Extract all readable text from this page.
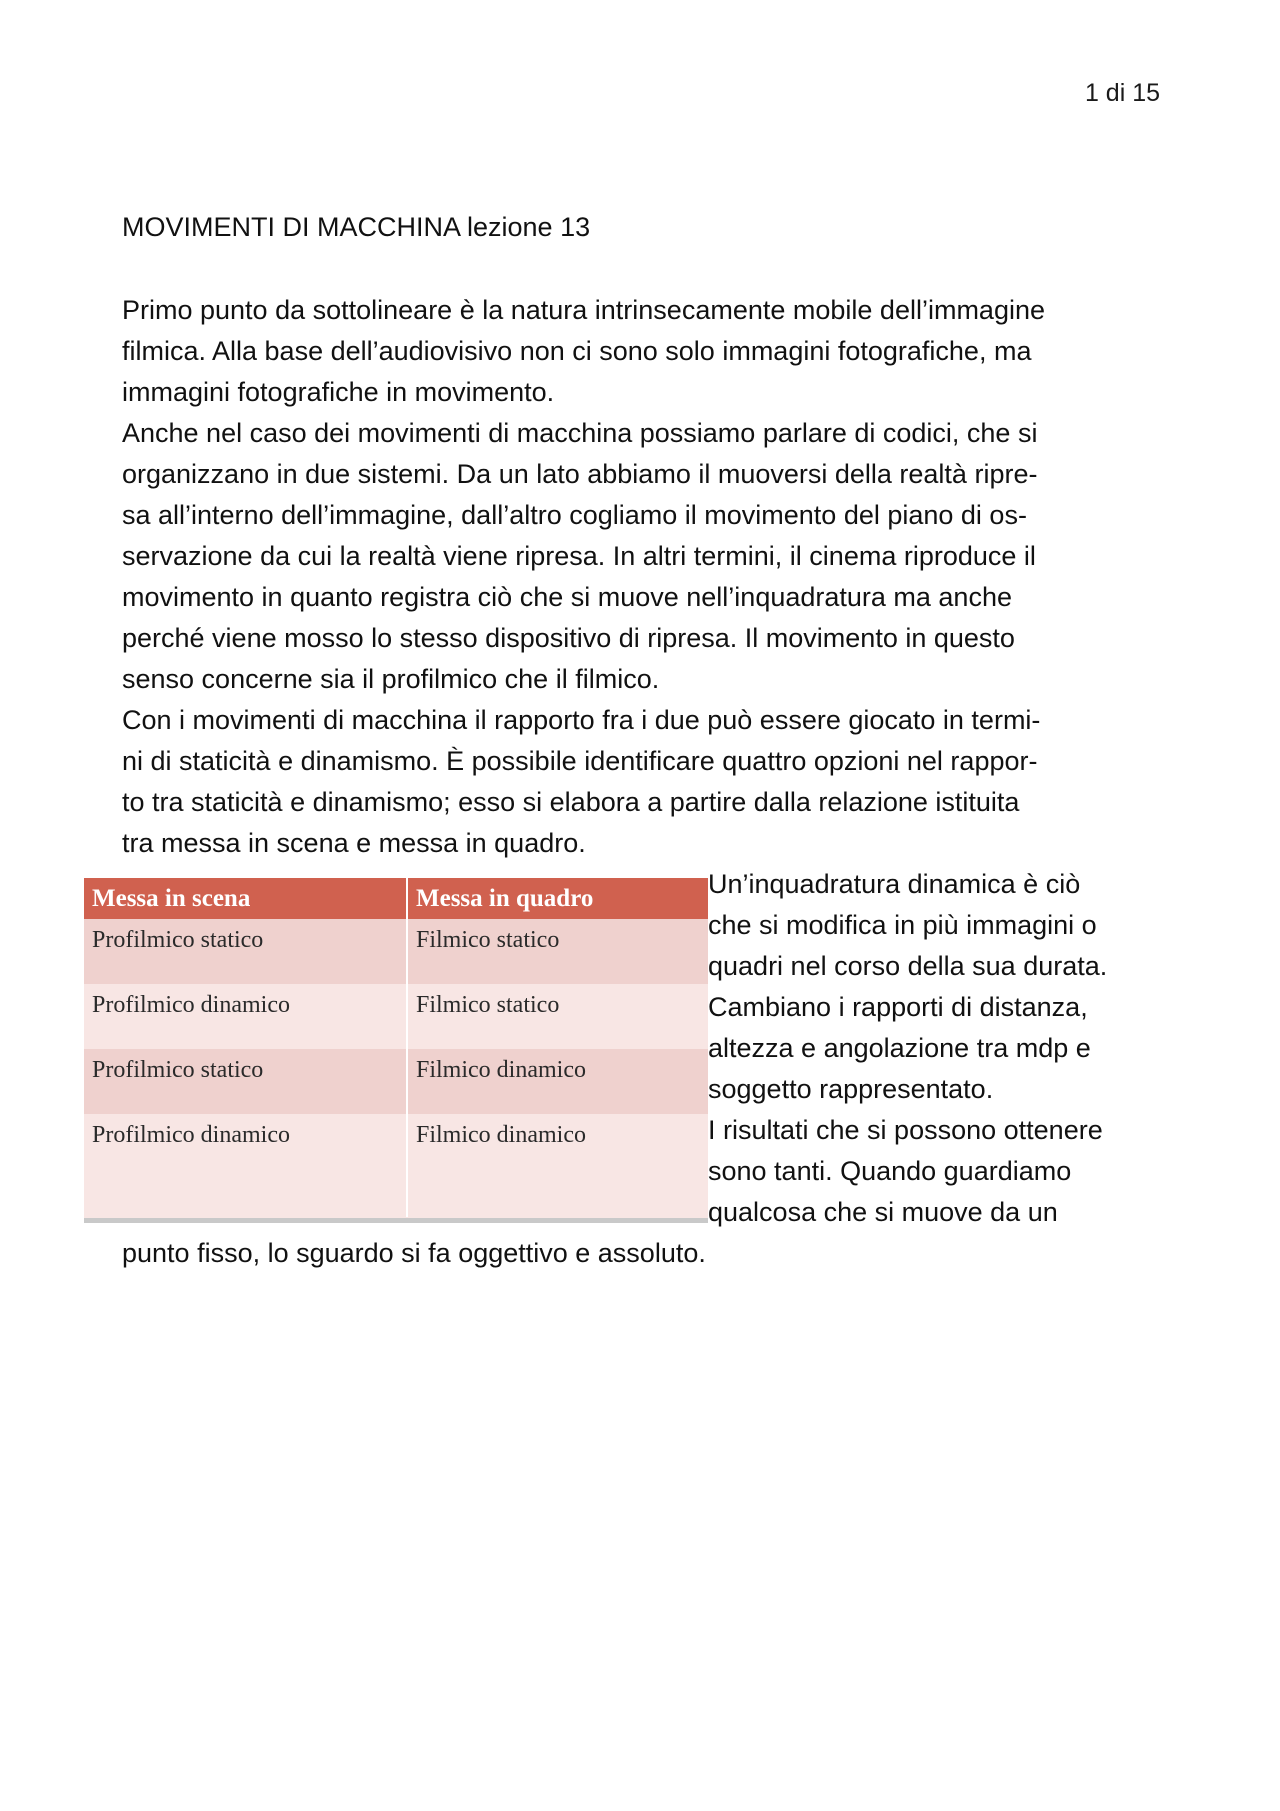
1 di 15
MOVIMENTI DI MACCHINA lezione 13
Primo punto da sottolineare è la natura intrinsecamente mobile dell’immagine
filmica. Alla base dell’audiovisivo non ci sono solo immagini fotografiche, ma
immagini fotografiche in movimento.
Anche nel caso dei movimenti di macchina possiamo parlare di codici, che si
organizzano in due sistemi. Da un lato abbiamo il muoversi della realtà ripre-
sa all’interno dell’immagine, dall’altro cogliamo il movimento del piano di os-
servazione da cui la realtà viene ripresa. In altri termini, il cinema riproduce il
movimento in quanto registra ciò che si muove nell’inquadratura ma anche
perché viene mosso lo stesso dispositivo di ripresa. Il movimento in questo
senso concerne sia il profilmico che il filmico.
Con i movimenti di macchina il rapporto fra i due può essere giocato in termi-
ni di staticità e dinamismo. È possibile identificare quattro opzioni nel rappor-
to tra staticità e dinamismo; esso si elabora a partire dalla relazione istituita
tra messa in scena e messa in quadro.
Messa in scena	Messa in quadro
Profilmico statico	Filmico statico
Profilmico dinamico	Filmico statico
Profilmico statico	Filmico dinamico
Profilmico dinamico	Filmico dinamico
Un’inquadratura dinamica è ciò
che si modifica in più immagini o
quadri nel corso della sua durata.
Cambiano i rapporti di distanza,
altezza e angolazione tra mdp e
soggetto rappresentato.
I risultati che si possono ottenere
sono tanti. Quando guardiamo
qualcosa che si muove da un
punto fisso, lo sguardo si fa oggettivo e assoluto.
